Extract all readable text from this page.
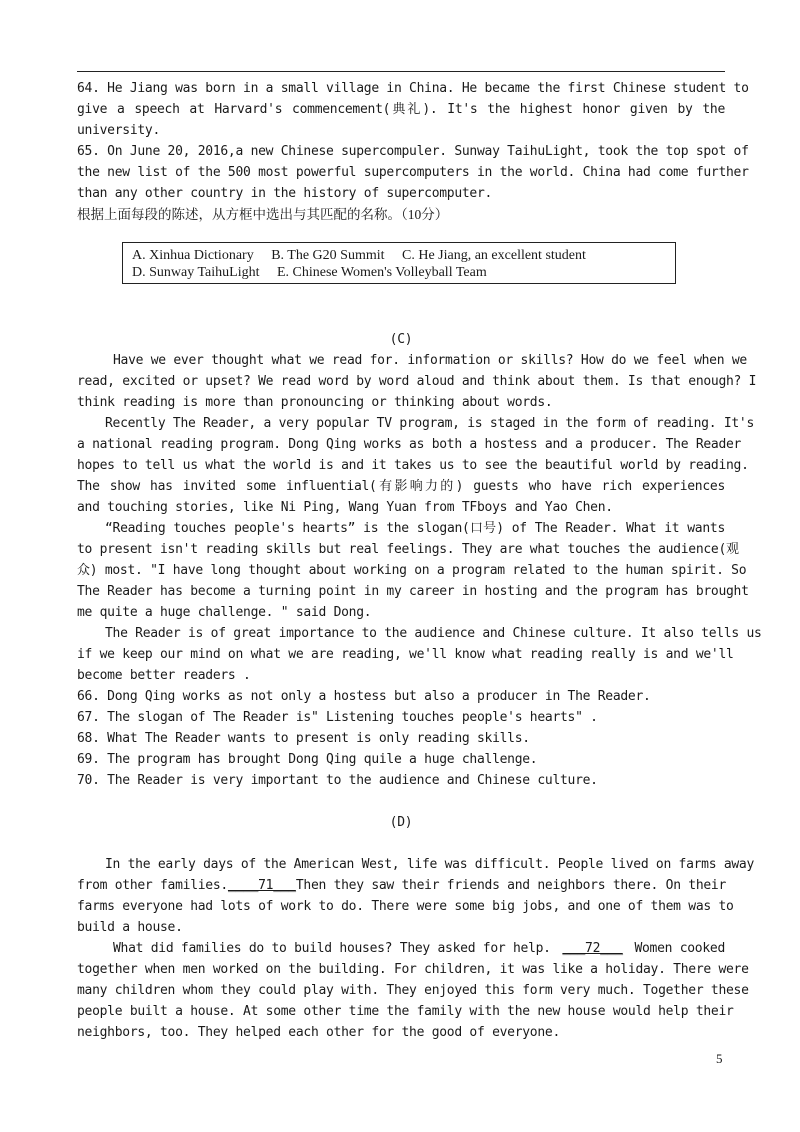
64. He Jiang was born in a small village in China. He became the first Chinese student to
give a speech at Harvard's commencement(典礼). It's the highest honor given by the
university.
65. On June 20, 2016,a new Chinese supercompuler. Sunway TaihuLight, took the top spot of
the new list of the 500 most powerful supercomputers in the world. China had come further
than any other country in the history of supercomputer.
根据上面每段的陈述，从方框中选出与其匹配的名称。（10分）
A. Xinhua Dictionary     B. The G20 Summit     C. He Jiang, an excellent student
D. Sunway TaihuLight     E. Chinese Women's Volleyball Team
(C)
Have we ever thought what we read for. information or skills? How do we feel when we
read, excited or upset? We read word by word aloud and think about them. Is that enough? I
think reading is more than pronouncing or thinking about words.
Recently The Reader, a very popular TV program, is staged in the form of reading. It's
a national reading program. Dong Qing works as both a hostess and a producer. The Reader
hopes to tell us what the world is and it takes us to see the beautiful world by reading.
The show has invited some influential(有影响力的) guests who have rich experiences
and touching stories, like Ni Ping, Wang Yuan from TFboys and Yao Chen.
“Reading touches people's hearts” is the slogan(口号) of The Reader. What it wants
to present isn't reading skills but real feelings. They are what touches the audience(观
众) most. "I have long thought about working on a program related to the human spirit. So
The Reader has become a turning point in my career in hosting and the program has brought
me quite a huge challenge. " said Dong.
The Reader is of great importance to the audience and Chinese culture. It also tells us
if we keep our mind on what we are reading, we'll know what reading really is and we'll
become better readers .
66. Dong Qing works as not only a hostess but also a producer in The Reader.
67. The slogan of The Reader is" Listening touches people's hearts" .
68. What The Reader wants to present is only reading skills.
69. The program has brought Dong Qing quile a huge challenge.
70. The Reader is very important to the audience and Chinese culture.
(D)
In the early days of the American West, life was difficult. People lived on farms away
from other families. ____71___ Then they saw their friends and neighbors there. On their
farms everyone had lots of work to do. There were some big jobs, and one of them was to
build a house.
What did families do to build houses? They asked for help. ___72___ Women cooked
together when men worked on the building. For children, it was like a holiday. There were
many children whom they could play with. They enjoyed this form very much. Together these
people built a house. At some other time the family with the new house would help their
neighbors, too. They helped each other for the good of everyone.
5
